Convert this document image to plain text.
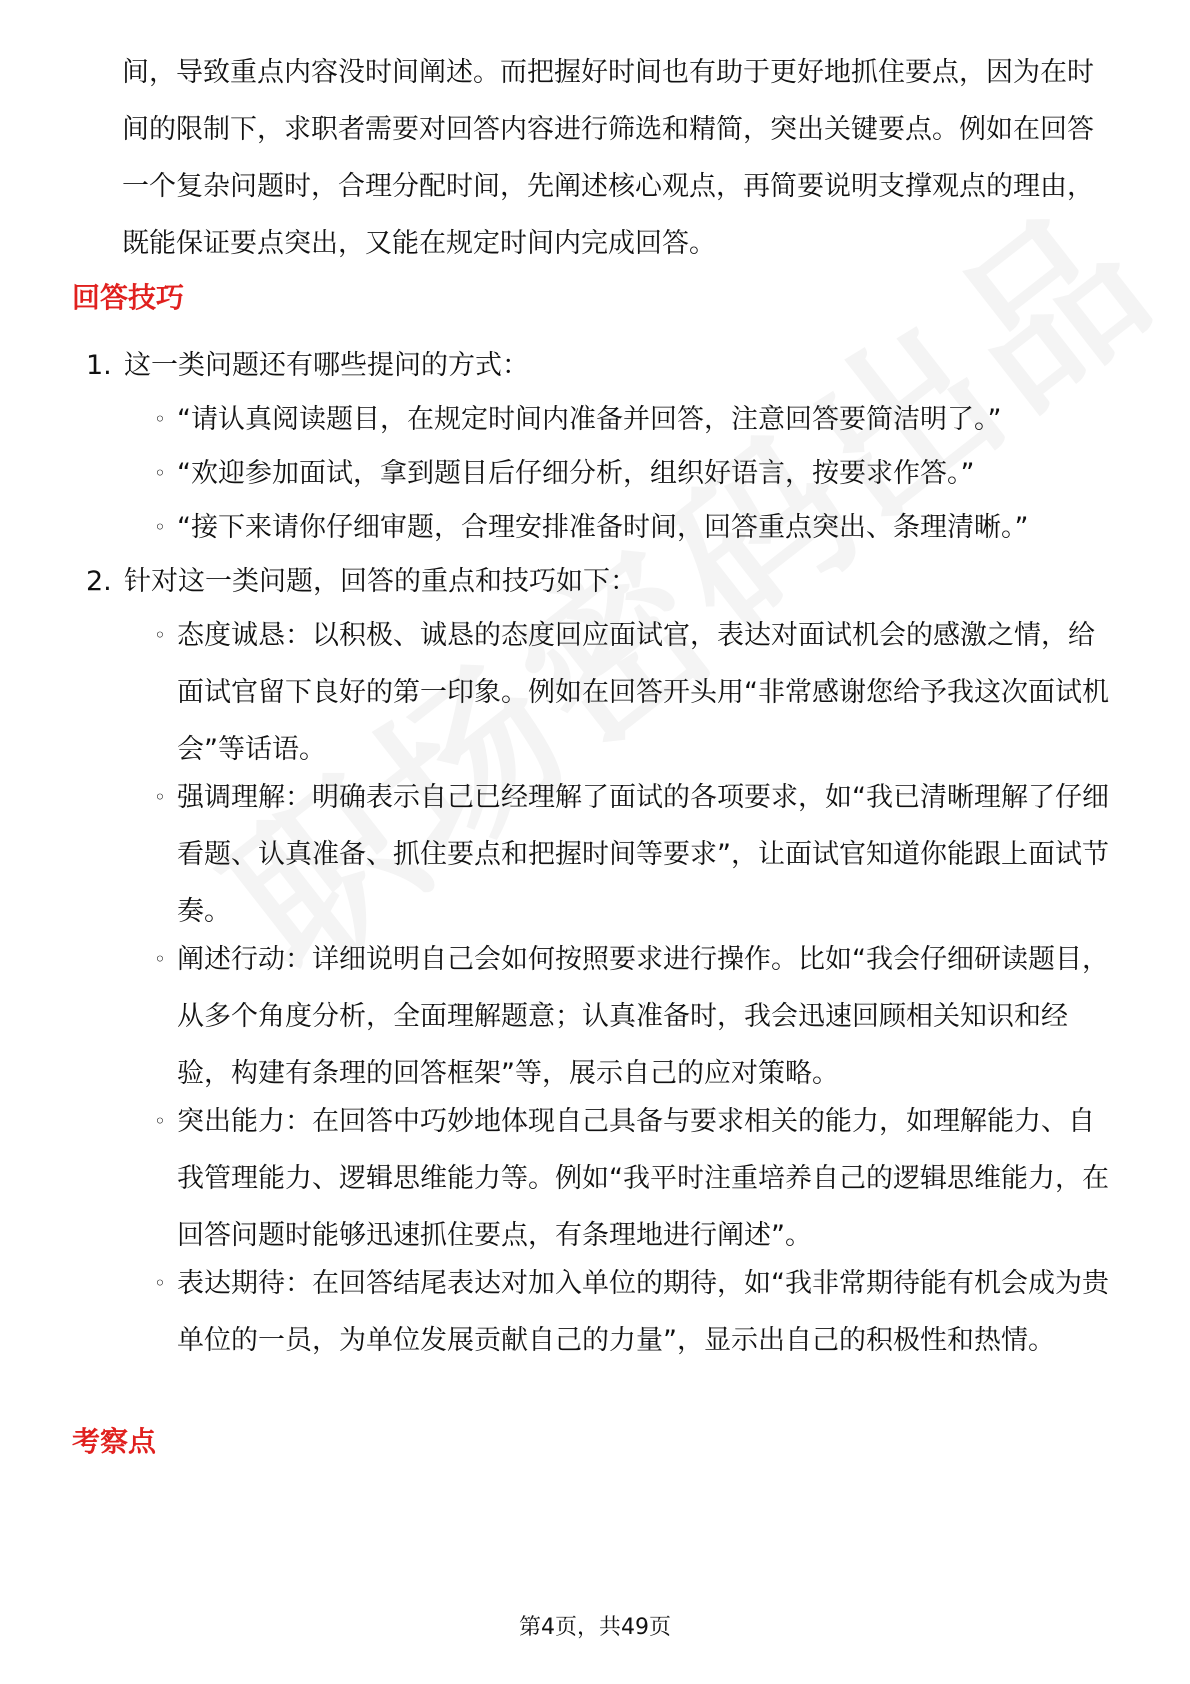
间，导致重点内容没时间阐述。而把握好时间也有助于更好地抓住要点，因为在时间的限制下，求职者需要对回答内容进行筛选和精简，突出关键要点。例如在回答一个复杂问题时，合理分配时间，先阐述核心观点，再简要说明支撑观点的理由，既能保证要点突出，又能在规定时间内完成回答。

回答技巧
1. 这一类问题还有哪些提问的方式：
◦ “请认真阅读题目，在规定时间内准备并回答，注意回答要简洁明了。”

◦ “欢迎参加面试，拿到题目后仔细分析，组织好语言，按要求作答。”

◦ “接下来请你仔细审题，合理安排准备时间，回答重点突出、条理清晰。”

2. 针对这一类问题，回答的重点和技巧如下：
◦ 态度诚恳：以积极、诚恳的态度回应面试官，表达对面试机会的感激之情，给面试官留下良好的第一印象。例如在回答开头用“非常感谢您给予我这次面试机会”等话语。

◦ 强调理解：明确表示自己已经理解了面试的各项要求，如“我已清晰理解了仔细看题、认真准备、抓住要点和把握时间等要求”，让面试官知道你能跟上面试节奏。

◦ 阐述行动：详细说明自己会如何按照要求进行操作。比如“我会仔细研读题目，从多个角度分析，全面理解题意；认真准备时，我会迅速回顾相关知识和经验，构建有条理的回答框架”等，展示自己的应对策略。

◦ 突出能力：在回答中巧妙地体现自己具备与要求相关的能力，如理解能力、自我管理能力、逻辑思维能力等。例如“我平时注重培养自己的逻辑思维能力，在回答问题时能够迅速抓住要点，有条理地进行阐述”。

◦ 表达期待：在回答结尾表达对加入单位的期待，如“我非常期待能有机会成为贵单位的一员，为单位发展贡献自己的力量”，显示出自己的积极性和热情。

考察点
第4页，共49页
